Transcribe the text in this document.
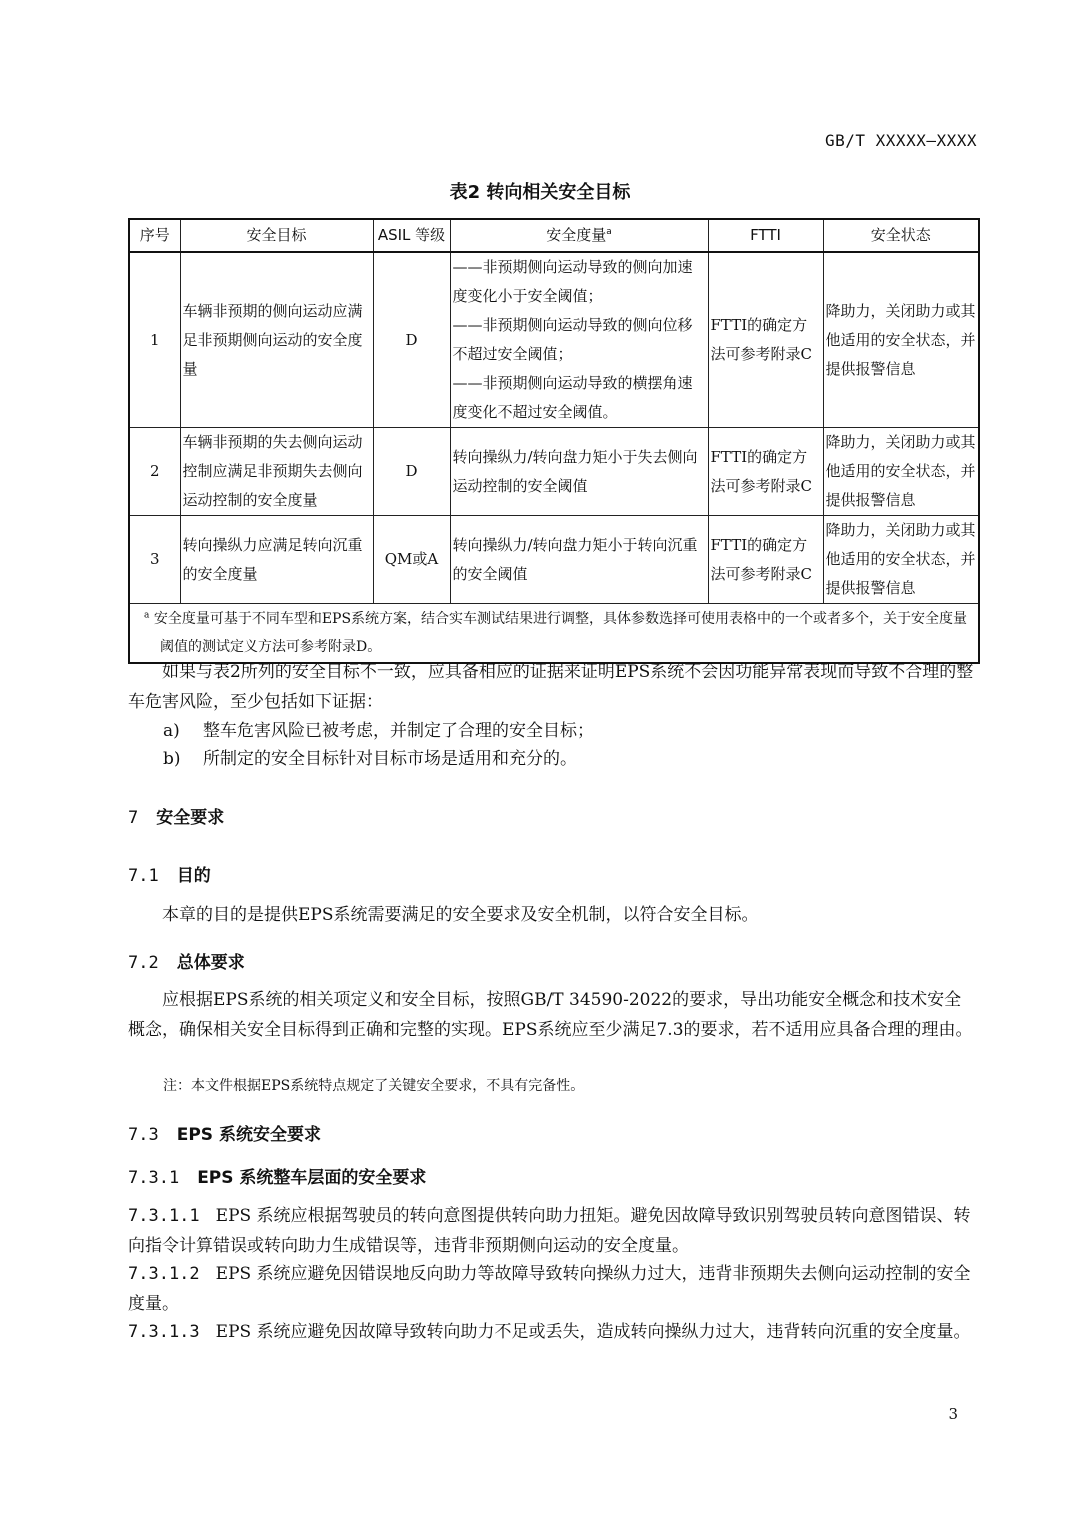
GB/T XXXXX—XXXX
表2 转向相关安全目标
序号	安全目标	ASIL 等级	安全度量$^a$	FTTI	安全状态
1	车辆非预期的侧向运动应满足非预期侧向运动的安全度量	D	——非预期侧向运动导致的侧向加速度变化小于安全阈值；
——非预期侧向运动导致的侧向位移不超过安全阈值；
——非预期侧向运动导致的横摆角速度变化不超过安全阈值。	FTTI的确定方法可参考附录C	降助力，关闭助力或其他适用的安全状态，并提供报警信息
2	车辆非预期的失去侧向运动控制应满足非预期失去侧向运动控制的安全度量	D	转向操纵力/转向盘力矩小于失去侧向运动控制的安全阈值	FTTI的确定方法可参考附录C	降助力，关闭助力或其他适用的安全状态，并提供报警信息
3	转向操纵力应满足转向沉重的安全度量	QM或A	转向操纵力/转向盘力矩小于转向沉重的安全阈值	FTTI的确定方法可参考附录C	降助力，关闭助力或其他适用的安全状态，并提供报警信息
$^a$ 安全度量可基于不同车型和EPS系统方案，结合实车测试结果进行调整，具体参数选择可使用表格中的一个或者多个，关于安全度量阈值的测试定义方法可参考附录D。					

如果与表2所列的安全目标不一致，应具备相应的证据来证明EPS系统不会因功能异常表现而导致不合理的整车危害风险，至少包括如下证据：

a) 整车危害风险已被考虑，并制定了合理的安全目标；
b) 所制定的安全目标针对目标市场是适用和充分的。
7 安全要求
7.1 目的

本章的目的是提供EPS系统需要满足的安全要求及安全机制，以符合安全目标。

7.2 总体要求

应根据EPS系统的相关项定义和安全目标，按照GB/T 34590-2022的要求，导出功能安全概念和技术安全概念，确保相关安全目标得到正确和完整的实现。EPS系统应至少满足7.3的要求，若不适用应具备合理的理由。

注：本文件根据EPS系统特点规定了关键安全要求，不具有完备性。
7.3 EPS 系统安全要求
7.3.1 EPS 系统整车层面的安全要求

7.3.1.1 EPS 系统应根据驾驶员的转向意图提供转向助力扭矩。避免因故障导致识别驾驶员转向意图错误、转向指令计算错误或转向助力生成错误等，违背非预期侧向运动的安全度量。

7.3.1.2 EPS 系统应避免因错误地反向助力等故障导致转向操纵力过大，违背非预期失去侧向运动控制的安全度量。

7.3.1.3 EPS 系统应避免因故障导致转向助力不足或丢失，造成转向操纵力过大，违背转向沉重的安全度量。

3
